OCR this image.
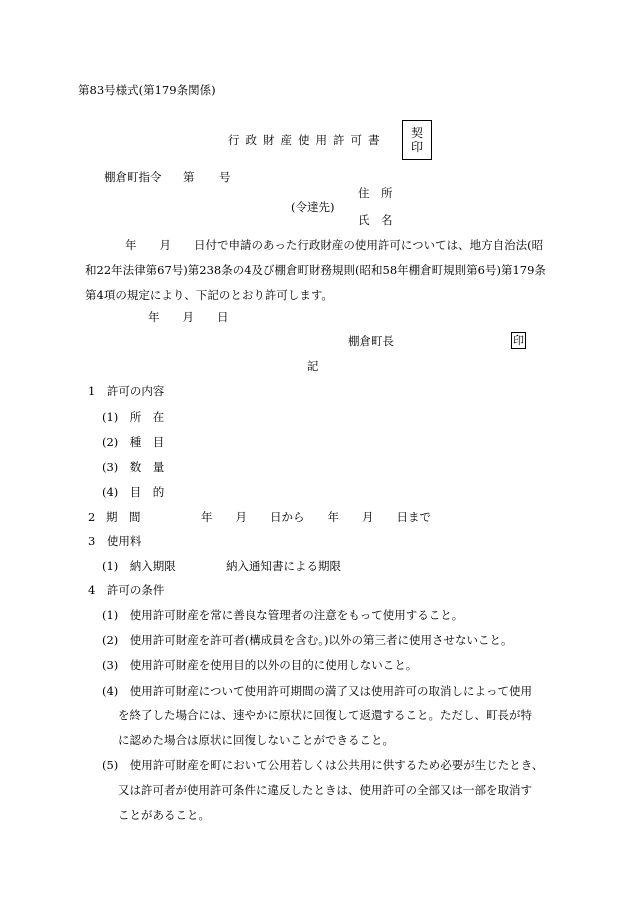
第83号様式(第179条関係)
行政財産使用許可書 契
印
棚倉町指令 第 号
住　所
(令達先)
氏　名
年　　月　　日付で申請のあった行政財産の使用許可については、地方自治法(昭
和22年法律第67号)第238条の4及び棚倉町財務規則(昭和58年棚倉町規則第6号)第179条
第4項の規定により、下記のとおり許可します。
年　　月　　日
棚倉町長	印
記
1　許可の内容
(1)　所　在
(2)　種　目
(3)　数　量
(4)　目　的
2 期　間	年　　月　　日から　　年　　月　　日まで
3　使用料
(1)　納入期限	納入通知書による期限
4　許可の条件
(1)　使用許可財産を常に善良な管理者の注意をもって使用すること。
(2)　使用許可財産を許可者(構成員を含む。)以外の第三者に使用させないこと。
(3)　使用許可財産を使用目的以外の目的に使用しないこと。
(4)　使用許可財産について使用許可期間の満了又は使用許可の取消しによって使用
を終了した場合には、速やかに原状に回復して返還すること。ただし、町長が特
に認めた場合は原状に回復しないことができること。
(5)　使用許可財産を町において公用若しくは公共用に供するため必要が生じたとき、
又は許可者が使用許可条件に違反したときは、使用許可の全部又は一部を取消す
ことがあること。
